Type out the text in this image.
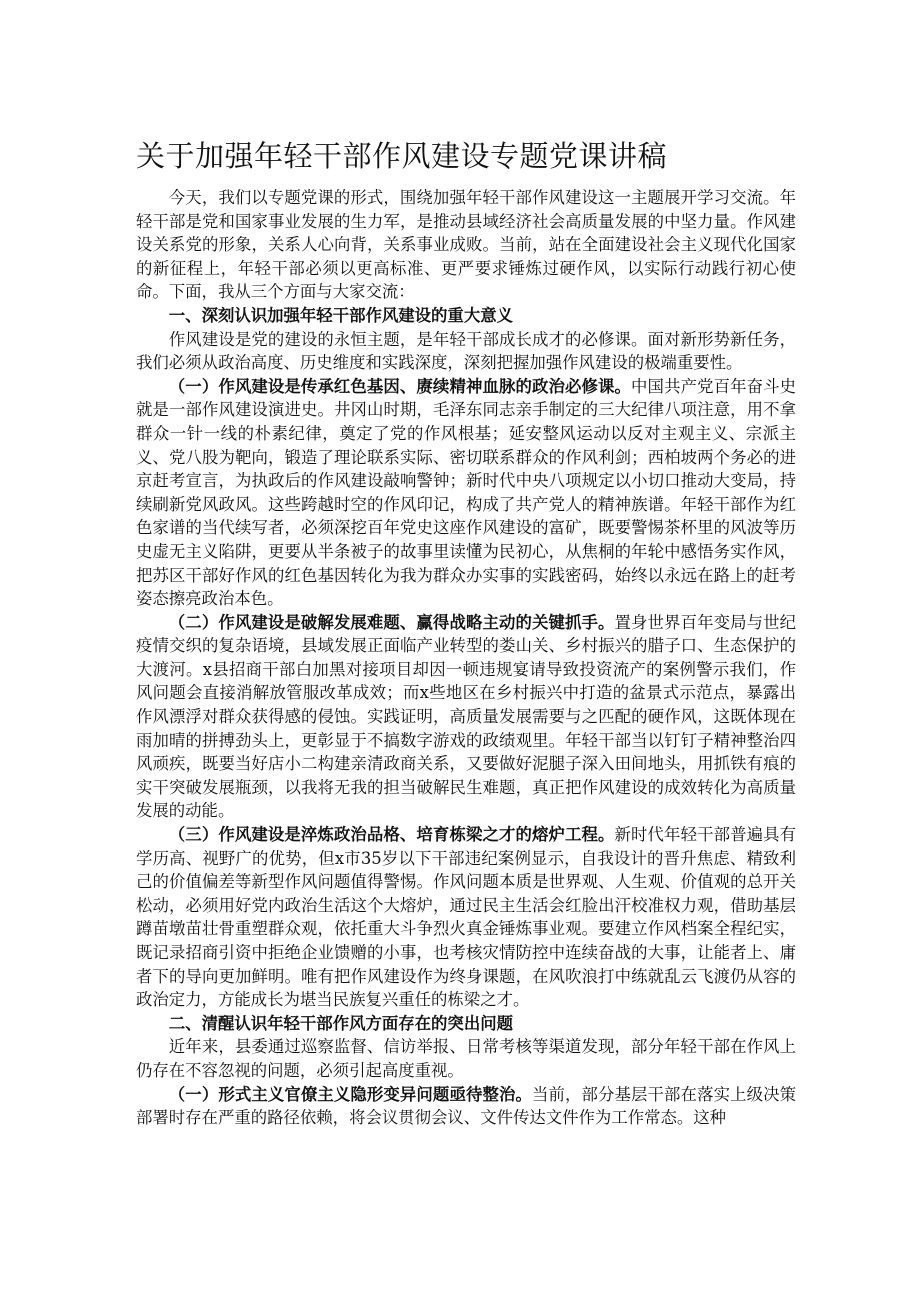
关于加强年轻干部作风建设专题党课讲稿

今天，我们以专题党课的形式，围绕加强年轻干部作风建设这一主题展开学习交流。年轻干部是党和国家事业发展的生力军，是推动县域经济社会高质量发展的中坚力量。作风建设关系党的形象，关系人心向背，关系事业成败。当前，站在全面建设社会主义现代化国家的新征程上，年轻干部必须以更高标准、更严要求锤炼过硬作风，以实际行动践行初心使命。下面，我从三个方面与大家交流：

一、深刻认识加强年轻干部作风建设的重大意义

作风建设是党的建设的永恒主题，是年轻干部成长成才的必修课。面对新形势新任务，我们必须从政治高度、历史维度和实践深度，深刻把握加强作风建设的极端重要性。

（一）作风建设是传承红色基因、赓续精神血脉的政治必修课。中国共产党百年奋斗史就是一部作风建设演进史。井冈山时期，毛泽东同志亲手制定的三大纪律八项注意，用不拿群众一针一线的朴素纪律，奠定了党的作风根基；延安整风运动以反对主观主义、宗派主义、党八股为靶向，锻造了理论联系实际、密切联系群众的作风利剑；西柏坡两个务必的进京赶考宣言，为执政后的作风建设敲响警钟；新时代中央八项规定以小切口推动大变局，持续刷新党风政风。这些跨越时空的作风印记，构成了共产党人的精神族谱。年轻干部作为红色家谱的当代续写者，必须深挖百年党史这座作风建设的富矿，既要警惕茶杯里的风波等历史虚无主义陷阱，更要从半条被子的故事里读懂为民初心，从焦桐的年轮中感悟务实作风，把苏区干部好作风的红色基因转化为我为群众办实事的实践密码，始终以永远在路上的赶考姿态擦亮政治本色。

（二）作风建设是破解发展难题、赢得战略主动的关键抓手。置身世界百年变局与世纪疫情交织的复杂语境，县域发展正面临产业转型的娄山关、乡村振兴的腊子口、生态保护的大渡河。x县招商干部白加黑对接项目却因一顿违规宴请导致投资流产的案例警示我们，作风问题会直接消解放管服改革成效；而x些地区在乡村振兴中打造的盆景式示范点，暴露出作风漂浮对群众获得感的侵蚀。实践证明，高质量发展需要与之匹配的硬作风，这既体现在雨加晴的拼搏劲头上，更彰显于不搞数字游戏的政绩观里。年轻干部当以钉钉子精神整治四风顽疾，既要当好店小二构建亲清政商关系，又要做好泥腿子深入田间地头，用抓铁有痕的实干突破发展瓶颈，以我将无我的担当破解民生难题，真正把作风建设的成效转化为高质量发展的动能。

（三）作风建设是淬炼政治品格、培育栋梁之才的熔炉工程。新时代年轻干部普遍具有学历高、视野广的优势，但x市35岁以下干部违纪案例显示，自我设计的晋升焦虑、精致利己的价值偏差等新型作风问题值得警惕。作风问题本质是世界观、人生观、价值观的总开关松动，必须用好党内政治生活这个大熔炉，通过民主生活会红脸出汗校准权力观，借助基层蹲苗墩苗壮骨重塑群众观，依托重大斗争烈火真金锤炼事业观。要建立作风档案全程纪实，既记录招商引资中拒绝企业馈赠的小事，也考核灾情防控中连续奋战的大事，让能者上、庸者下的导向更加鲜明。唯有把作风建设作为终身课题，在风吹浪打中练就乱云飞渡仍从容的政治定力，方能成长为堪当民族复兴重任的栋梁之才。

二、清醒认识年轻干部作风方面存在的突出问题

近年来，县委通过巡察监督、信访举报、日常考核等渠道发现，部分年轻干部在作风上仍存在不容忽视的问题，必须引起高度重视。

（一）形式主义官僚主义隐形变异问题亟待整治。当前，部分基层干部在落实上级决策部署时存在严重的路径依赖，将会议贯彻会议、文件传达文件作为工作常态。这种
